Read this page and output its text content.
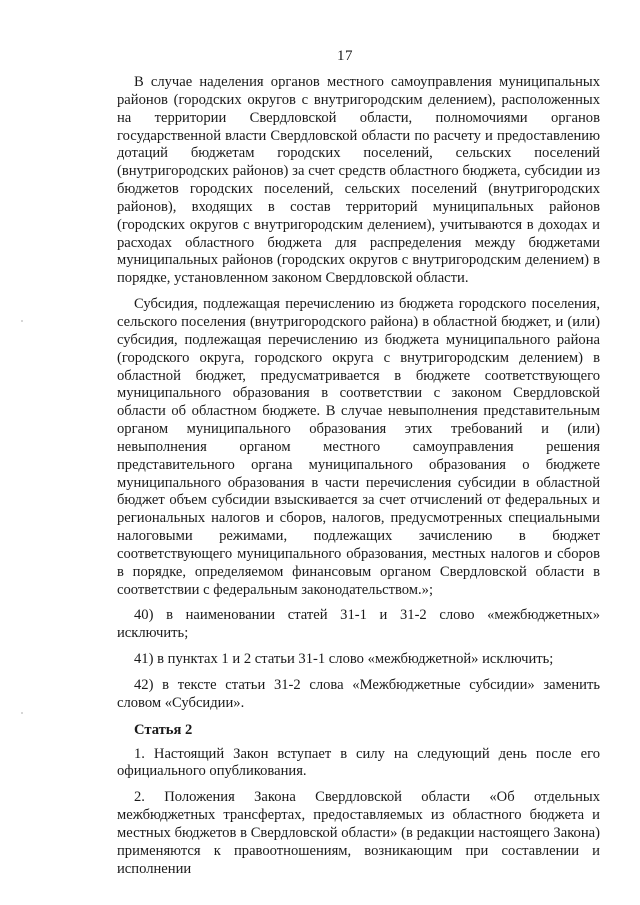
17

В случае наделения органов местного самоуправления муниципальных районов (городских округов с внутригородским делением), расположенных на территории Свердловской области, полномочиями органов государственной власти Свердловской области по расчету и предоставлению дотаций бюджетам городских поселений, сельских поселений (внутригородских районов) за счет средств областного бюджета, субсидии из бюджетов городских поселений, сельских поселений (внутригородских районов), входящих в состав территорий муниципальных районов (городских округов с внутригородским делением), учитываются в доходах и расходах областного бюджета для распределения между бюджетами муниципальных районов (городских округов с внутригородским делением) в порядке, установленном законом Свердловской области.

Субсидия, подлежащая перечислению из бюджета городского поселения, сельского поселения (внутригородского района) в областной бюджет, и (или) субсидия, подлежащая перечислению из бюджета муниципального района (городского округа, городского округа с внутригородским делением) в областной бюджет, предусматривается в бюджете соответствующего муниципального образования в соответствии с законом Свердловской области об областном бюджете. В случае невыполнения представительным органом муниципального образования этих требований и (или) невыполнения органом местного самоуправления решения представительного органа муниципального образования о бюджете муниципального образования в части перечисления субсидии в областной бюджет объем субсидии взыскивается за счет отчислений от федеральных и региональных налогов и сборов, налогов, предусмотренных специальными налоговыми режимами, подлежащих зачислению в бюджет соответствующего муниципального образования, местных налогов и сборов в порядке, определяемом финансовым органом Свердловской области в соответствии с федеральным законодательством.»;

40) в наименовании статей 31-1 и 31-2 слово «межбюджетных» исключить;

41) в пунктах 1 и 2 статьи 31-1 слово «межбюджетной» исключить;

42) в тексте статьи 31-2 слова «Межбюджетные субсидии» заменить словом «Субсидии».

Статья 2

1. Настоящий Закон вступает в силу на следующий день после его официального опубликования.

2. Положения Закона Свердловской области «Об отдельных межбюджетных трансфертах, предоставляемых из областного бюджета и местных бюджетов в Свердловской области» (в редакции настоящего Закона) применяются к правоотношениям, возникающим при составлении и исполнении
